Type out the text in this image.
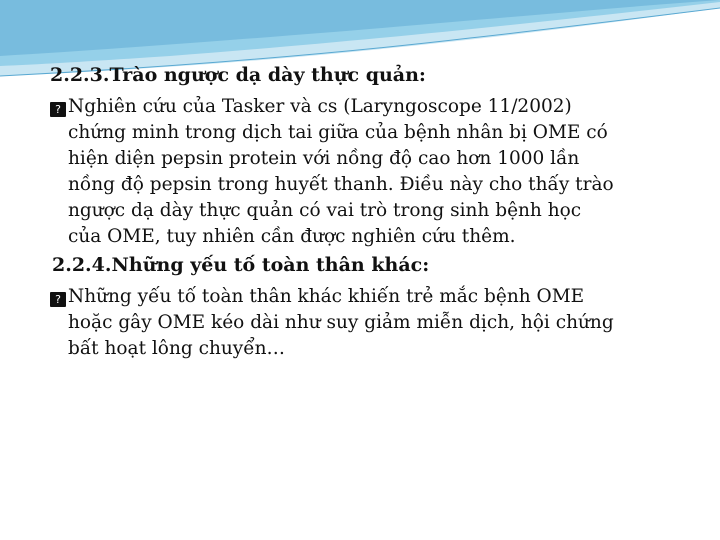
2.2.3.Trào ngược dạ dày thực quản:
? Nghiên cứu của Tasker và cs (Laryngoscope 11/2002)
chứng minh trong dịch tai giữa của bệnh nhân bị OME có
hiện diện pepsin protein với nồng độ cao hơn 1000 lần
nồng độ pepsin trong huyết thanh. Điều này cho thấy trào
ngược dạ dày thực quản có vai trò trong sinh bệnh học
của OME, tuy nhiên cần được nghiên cứu thêm.
2.2.4.Những yếu tố toàn thân khác:
? Những yếu tố toàn thân khác khiến trẻ mắc bệnh OME
hoặc gây OME kéo dài như suy giảm miễn dịch, hội chứng
bất hoạt lông chuyển…
